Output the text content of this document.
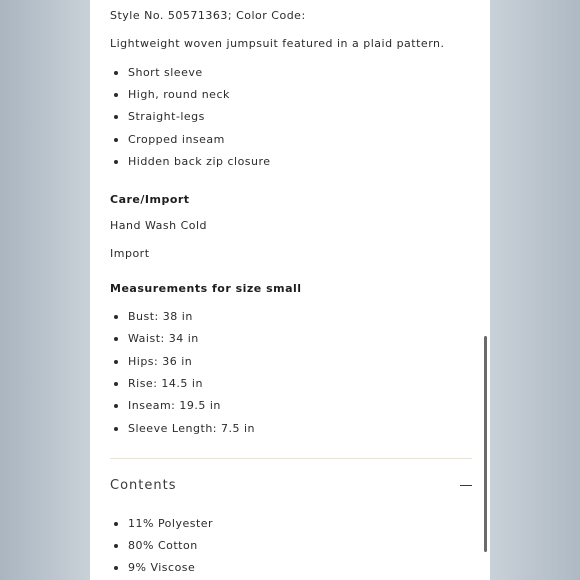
Style No. 50571363; Color Code:
Lightweight woven jumpsuit featured in a plaid pattern.
Short sleeve
High, round neck
Straight-legs
Cropped inseam
Hidden back zip closure
Care/Import
Hand Wash Cold
Import
Measurements for size small
Bust: 38 in
Waist: 34 in
Hips: 36 in
Rise: 14.5 in
Inseam: 19.5 in
Sleeve Length: 7.5 in
Contents
11% Polyester
80% Cotton
9% Viscose
